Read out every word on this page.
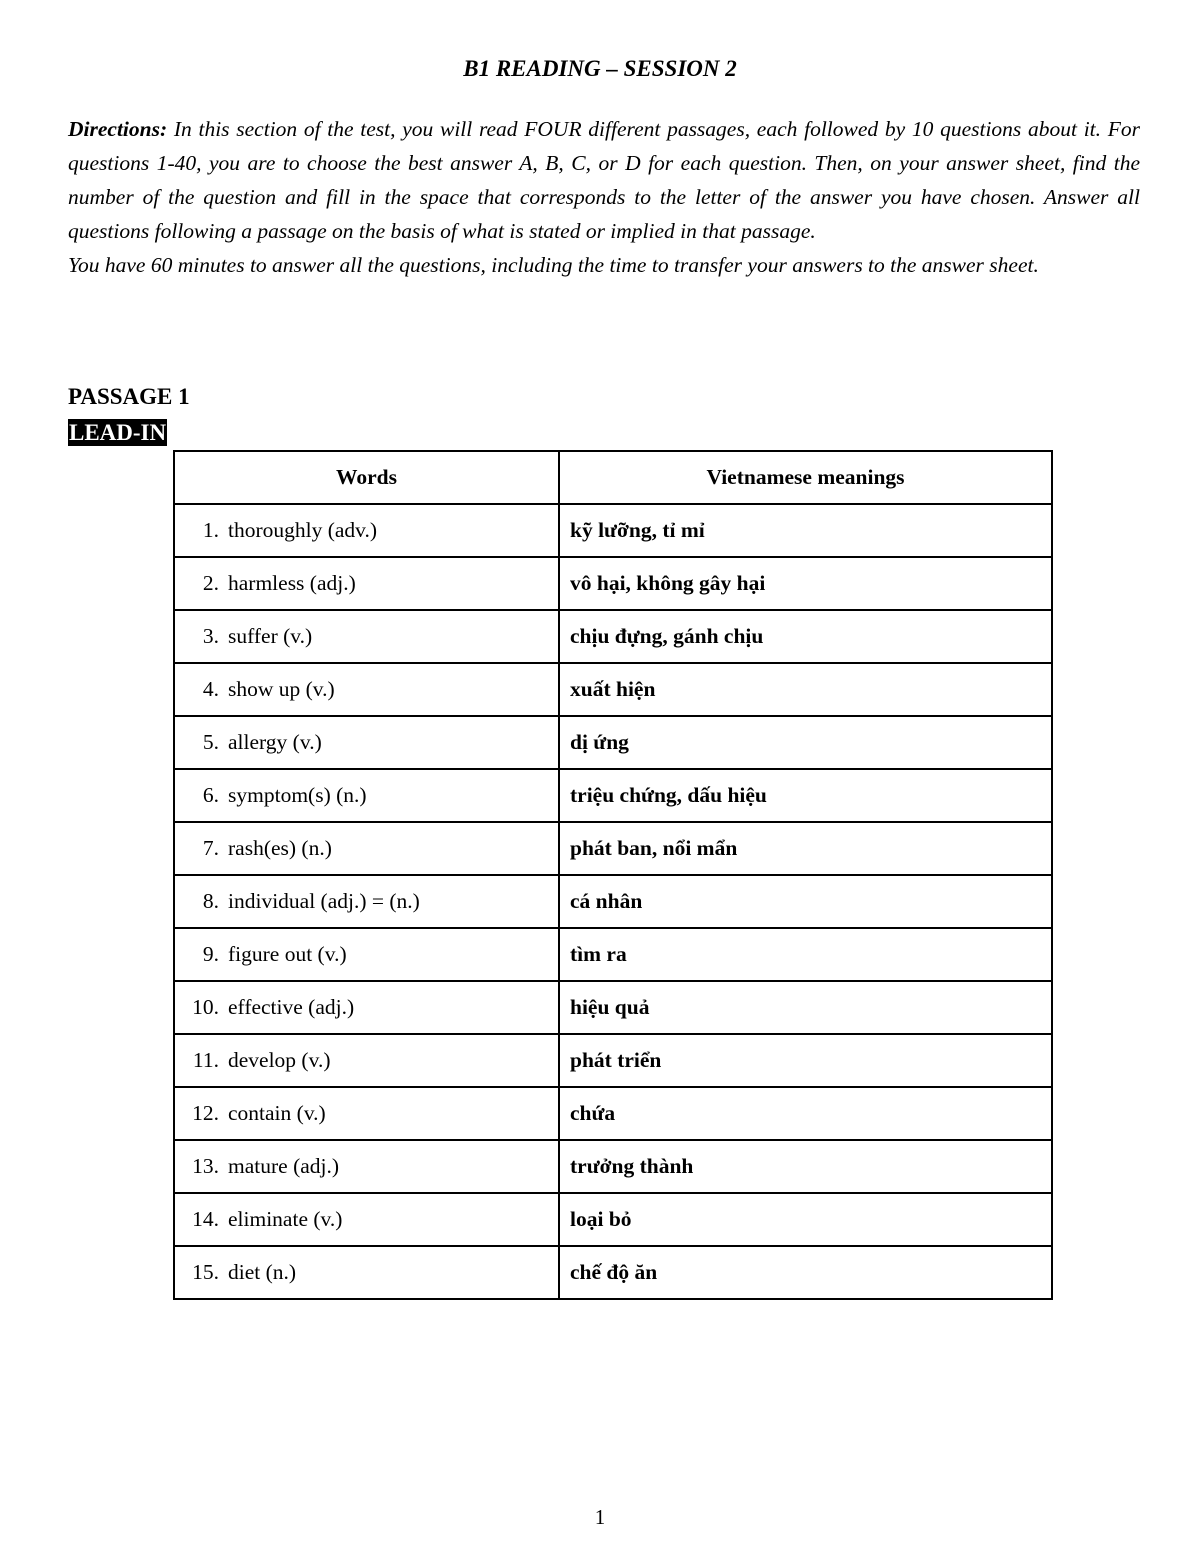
B1 READING – SESSION 2

Directions: In this section of the test, you will read FOUR different passages, each followed by 10 questions about it. For questions 1-40, you are to choose the best answer A, B, C, or D for each question. Then, on your answer sheet, find the number of the question and fill in the space that corresponds to the letter of the answer you have chosen. Answer all questions following a passage on the basis of what is stated or implied in that passage.

You have 60 minutes to answer all the questions, including the time to transfer your answers to the answer sheet.

PASSAGE 1
LEAD-IN
Words	Vietnamese meanings
1. thoroughly (adv.)	kỹ lưỡng, tỉ mỉ
2. harmless (adj.)	vô hại, không gây hại
3. suffer (v.)	chịu đựng, gánh chịu
4. show up (v.)	xuất hiện
5. allergy (v.)	dị ứng
6. symptom(s) (n.)	triệu chứng, dấu hiệu
7. rash(es) (n.)	phát ban, nổi mẩn
8. individual (adj.) = (n.)	cá nhân
9. figure out (v.)	tìm ra
10. effective (adj.)	hiệu quả
11. develop (v.)	phát triển
12. contain (v.)	chứa
13. mature (adj.)	trưởng thành
14. eliminate (v.)	loại bỏ
15. diet (n.)	chế độ ăn
1
